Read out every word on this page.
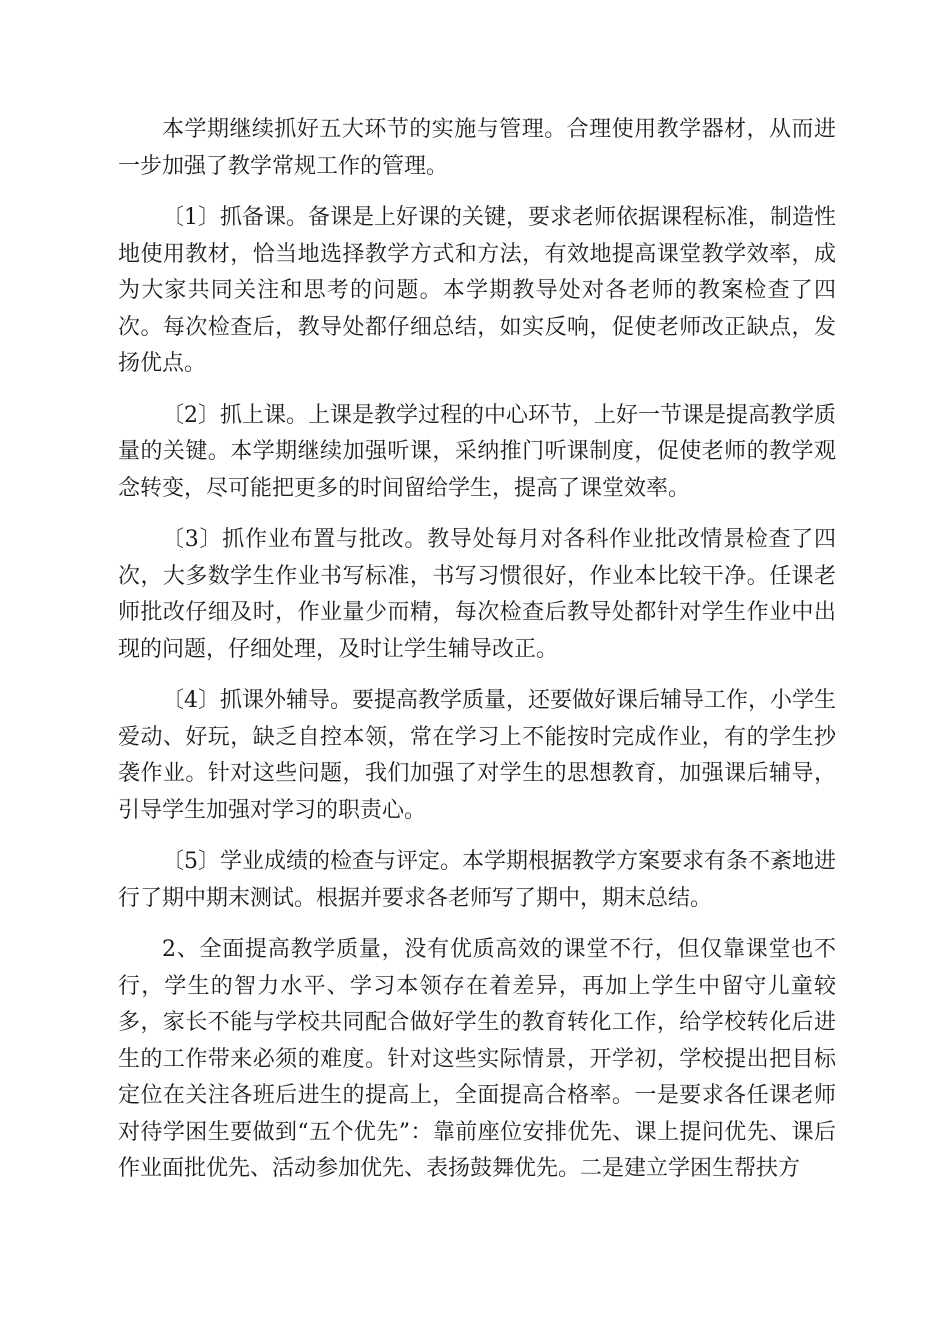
本学期继续抓好五大环节的实施与管理。合理使用教学器材，从而进一步加强了教学常规工作的管理。

〔1〕抓备课。备课是上好课的关键，要求老师依据课程标准，制造性地使用教材，恰当地选择教学方式和方法，有效地提高课堂教学效率，成为大家共同关注和思考的问题。本学期教导处对各老师的教案检查了四次。每次检查后，教导处都仔细总结，如实反响，促使老师改正缺点，发扬优点。

〔2〕抓上课。上课是教学过程的中心环节，上好一节课是提高教学质量的关键。本学期继续加强听课，采纳推门听课制度，促使老师的教学观念转变，尽可能把更多的时间留给学生，提高了课堂效率。

〔3〕抓作业布置与批改。教导处每月对各科作业批改情景检查了四次，大多数学生作业书写标准，书写习惯很好，作业本比较干净。任课老师批改仔细及时，作业量少而精，每次检查后教导处都针对学生作业中出现的问题，仔细处理，及时让学生辅导改正。

〔4〕抓课外辅导。要提高教学质量，还要做好课后辅导工作，小学生爱动、好玩，缺乏自控本领，常在学习上不能按时完成作业，有的学生抄袭作业。针对这些问题，我们加强了对学生的思想教育，加强课后辅导，引导学生加强对学习的职责心。

〔5〕学业成绩的检查与评定。本学期根据教学方案要求有条不紊地进行了期中期末测试。根据并要求各老师写了期中，期末总结。

2、全面提高教学质量，没有优质高效的课堂不行，但仅靠课堂也不行，学生的智力水平、学习本领存在着差异，再加上学生中留守儿童较多，家长不能与学校共同配合做好学生的教育转化工作，给学校转化后进生的工作带来必须的难度。针对这些实际情景，开学初，学校提出把目标定位在关注各班后进生的提高上，全面提高合格率。一是要求各任课老师对待学困生要做到“五个优先”：靠前座位安排优先、课上提问优先、课后作业面批优先、活动参加优先、表扬鼓舞优先。二是建立学困生帮扶方
